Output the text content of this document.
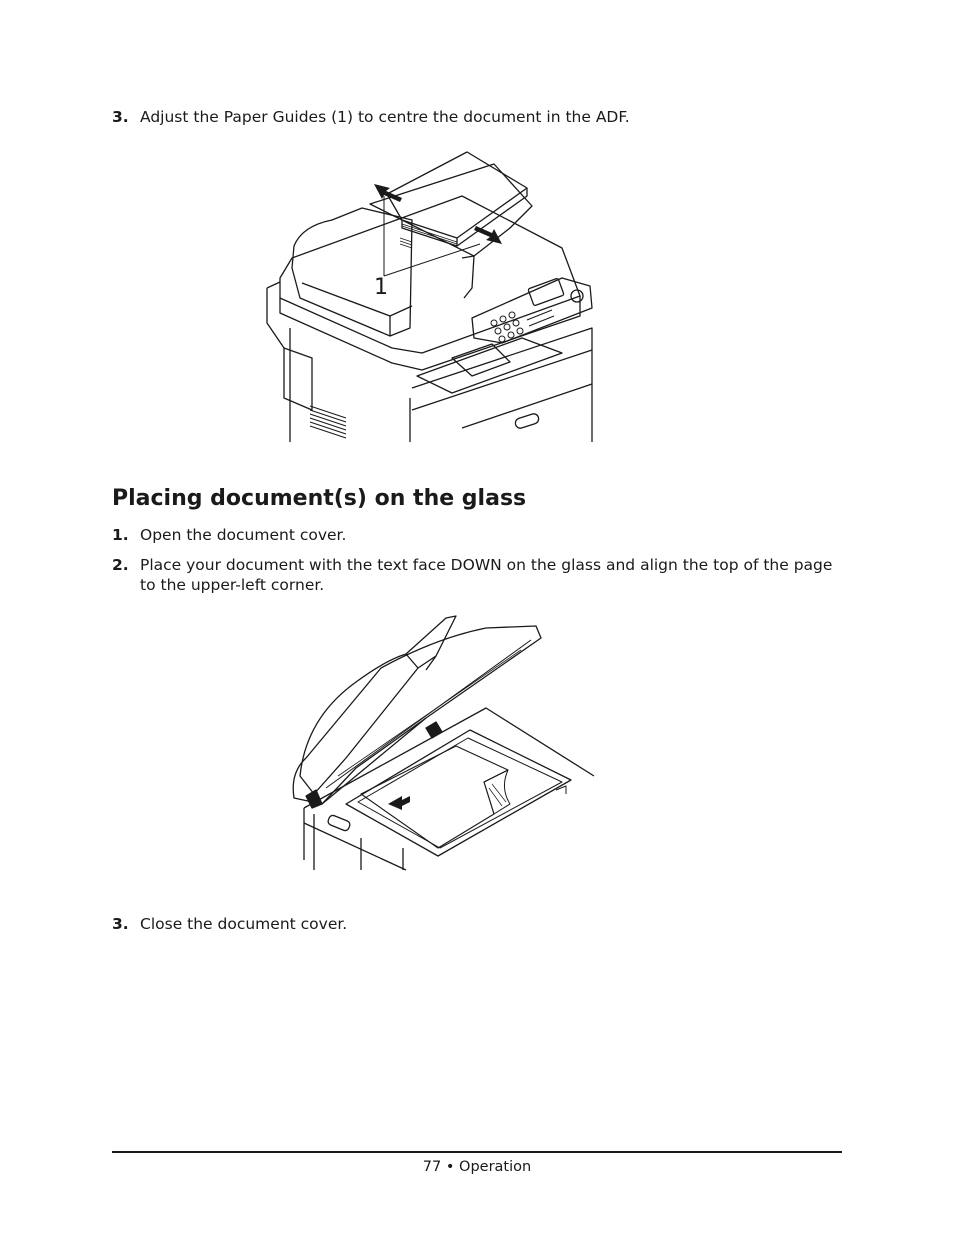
3. Adjust the Paper Guides (1) to centre the document in the ADF.
1
Placing document(s) on the glass
1. Open the document cover.
2. Place your document with the text face DOWN on the glass and align the top of the page to the upper-left corner.
3. Close the document cover.
77 • Operation
